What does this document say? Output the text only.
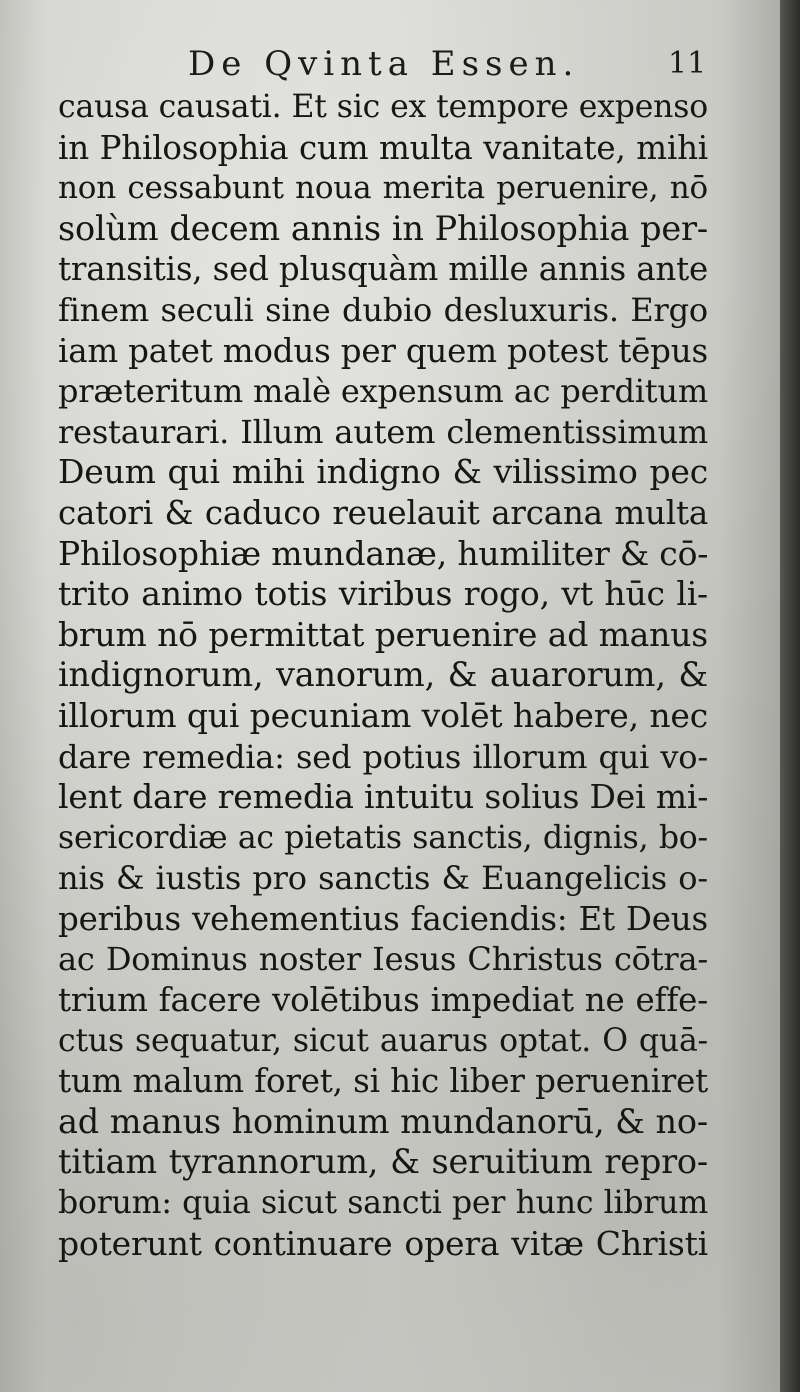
De Qvinta Essen.	11
causa causati. Et sic ex tempore expenso
in Philosophia cum multa vanitate, mihi
non cessabunt noua merita peruenire, nō
solùm decem annis in Philosophia per-
transitis, sed plusquàm mille annis ante
finem seculi sine dubio desluxuris. Ergo
iam patet modus per quem potest tēpus
præteritum malè expensum ac perditum
restaurari. Illum autem clementissimum
Deum qui mihi indigno & vilissimo pec
catori & caduco reuelauit arcana multa
Philosophiæ mundanæ, humiliter & cō-
trito animo totis viribus rogo, vt hūc li-
brum nō permittat peruenire ad manus
indignorum, vanorum, & auarorum, &
illorum qui pecuniam volēt habere, nec
dare remedia: sed potius illorum qui vo-
lent dare remedia intuitu solius Dei mi-
sericordiæ ac pietatis sanctis, dignis, bo-
nis & iustis pro sanctis & Euangelicis o-
peribus vehementius faciendis: Et Deus
ac Dominus noster Iesus Christus cōtra-
trium facere volētibus impediat ne effe-
ctus sequatur, sicut auarus optat. O quā-
tum malum foret, si hic liber perueniret
ad manus hominum mundanorū, & no-
titiam tyrannorum, & seruitium repro-
borum: quia sicut sancti per hunc librum
poterunt continuare opera vitæ Christi
